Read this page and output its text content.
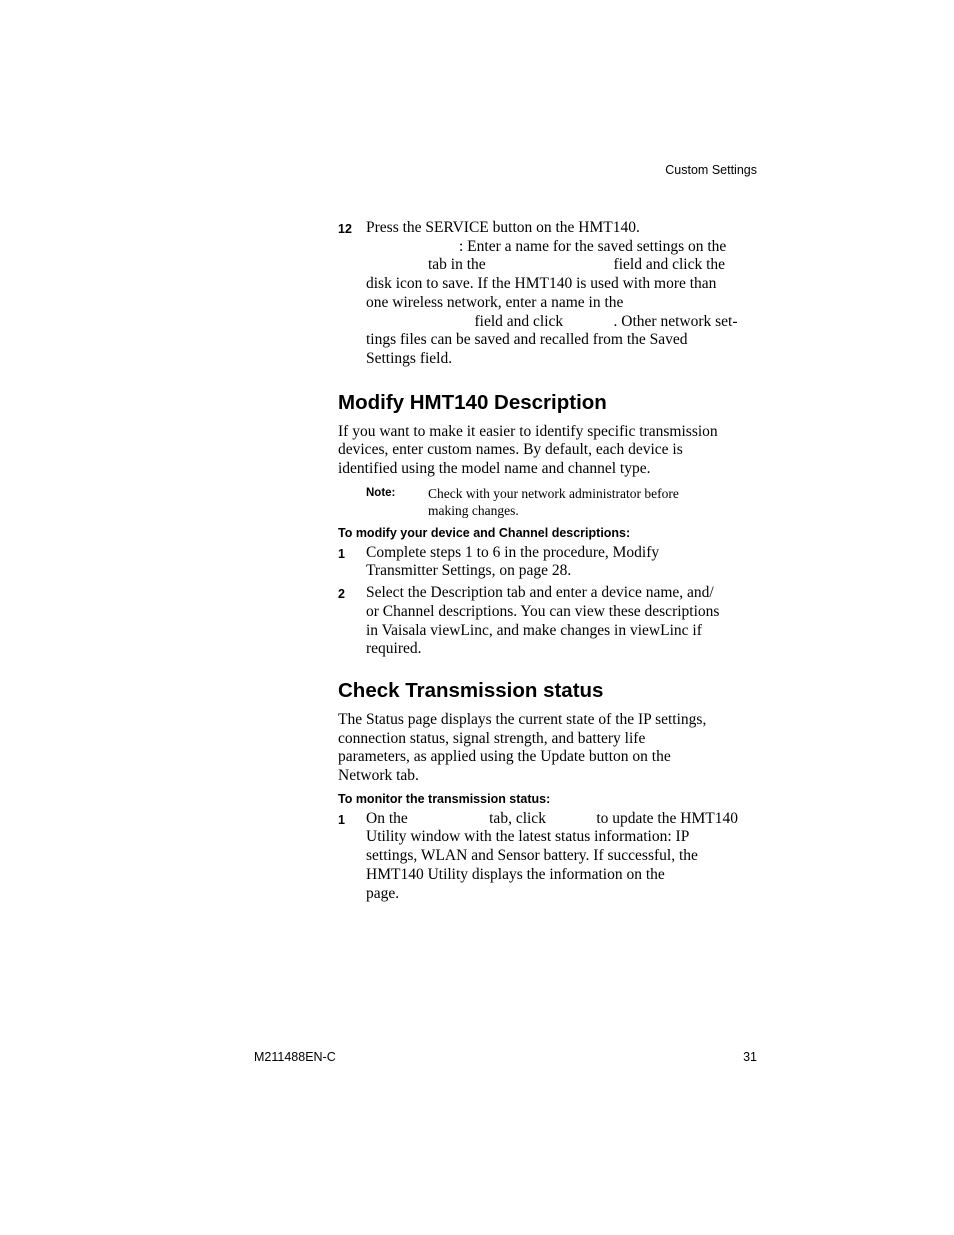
Custom Settings
12 Press the SERVICE button on the HMT140.
      : Enter a name for the saved settings on the
    tab in the         field and click the
disk icon to save. If the HMT140 is used with more than
one wireless network, enter a name in the
       field and click    . Other network set-
tings files can be saved and recalled from the Saved
Settings field.

Modify HMT140 Description
If you want to make it easier to identify specific transmission
devices, enter custom names. By default, each device is
identified using the model name and channel type.
Note: Check with your network administrator before
making changes.
To modify your device and Channel descriptions:
1 Complete steps 1 to 6 in the procedure, Modify
Transmitter Settings, on page 28.
2 Select the Description tab and enter a device name, and/
or Channel descriptions. You can view these descriptions
in Vaisala viewLinc, and make changes in viewLinc if
required.
Check Transmission status
The Status page displays the current state of the IP settings,
connection status, signal strength, and battery life
parameters, as applied using the Update button on the
Network tab.
To monitor the transmission status:
1 On the      tab, click    to update the HMT140
Utility window with the latest status information: IP
settings, WLAN and Sensor battery. If successful, the
HMT140 Utility displays the information on the
page.
M211488EN-C	31
